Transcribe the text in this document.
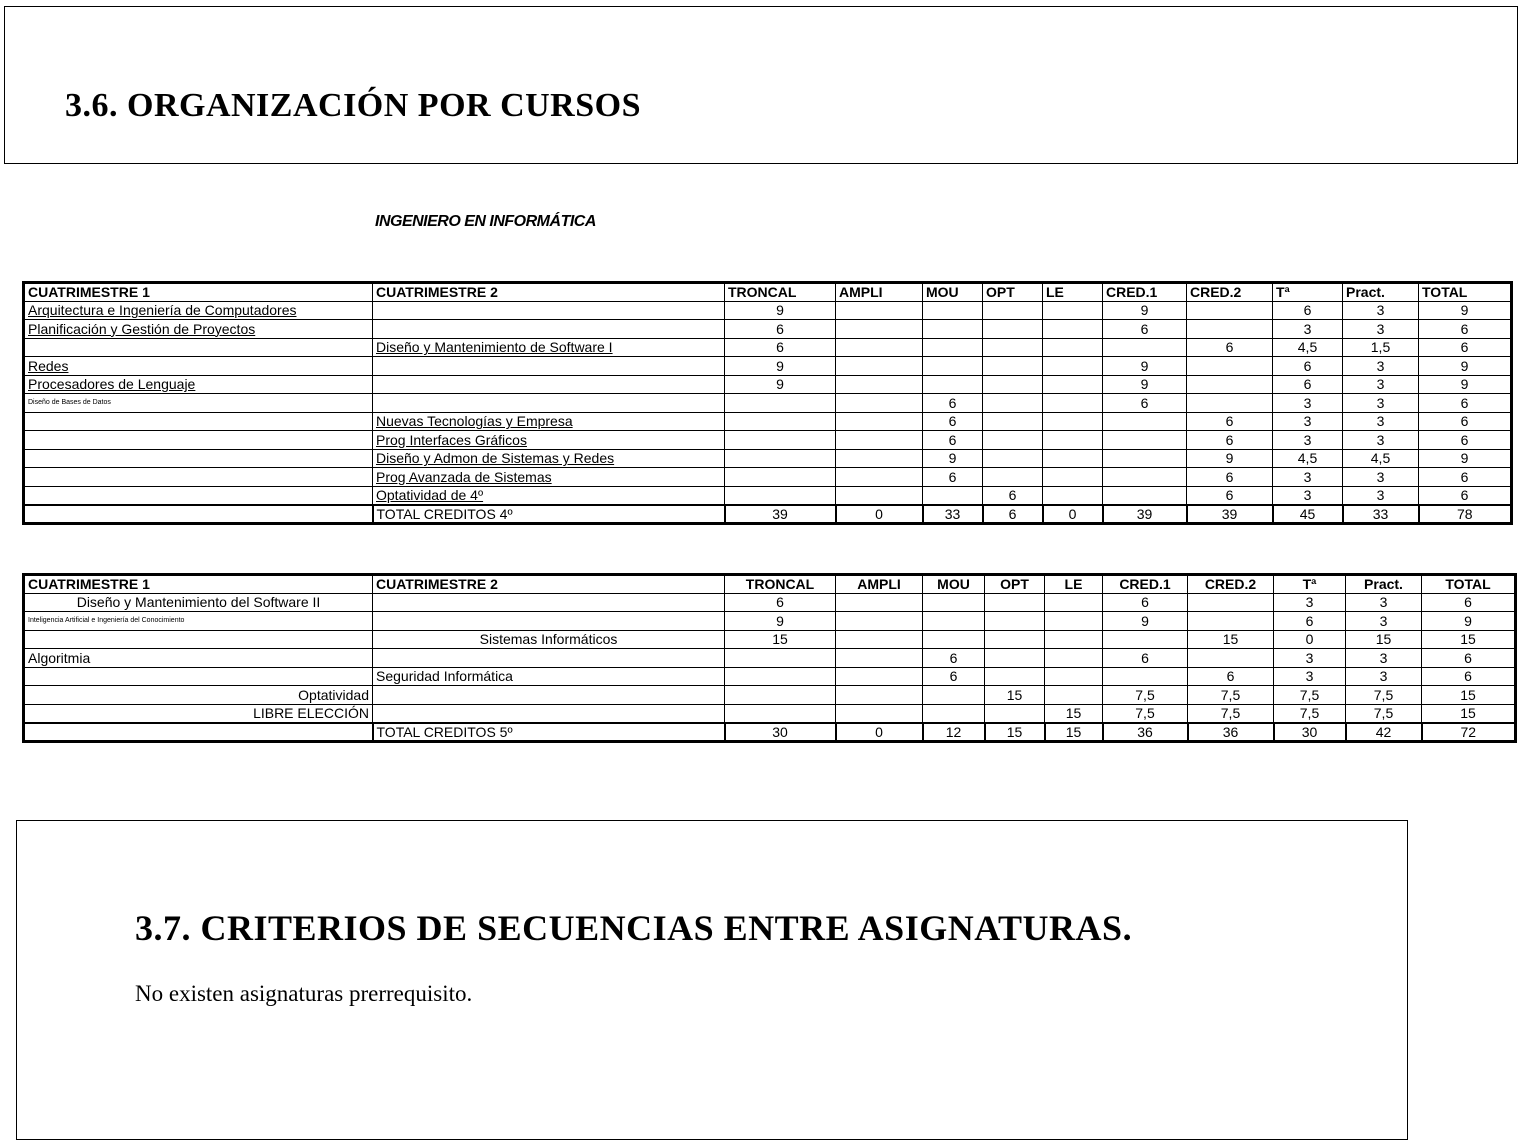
3.6. ORGANIZACIÓN POR CURSOS

INGENIERO EN INFORMÁTICA

CUATRIMESTRE 1	CUATRIMESTRE 2	TRONCAL	AMPLI	MOU	OPT	LE	CRED.1	CRED.2	Tª	Pract.	TOTAL
Arquitectura e Ingeniería de Computadores		9					9		6	3	9
Planificación y Gestión de Proyectos		6					6		3	3	6
	Diseño y Mantenimiento de Software I	6						6	4,5	1,5	6
Redes		9					9		6	3	9
Procesadores de Lenguaje		9					9		6	3	9
Diseño de Bases de Datos				6			6		3	3	6
	Nuevas Tecnologías y Empresa			6				6	3	3	6
	Prog Interfaces Gráficos			6				6	3	3	6
	Diseño y Admon de Sistemas y Redes			9				9	4,5	4,5	9
	Prog Avanzada de Sistemas			6				6	3	3	6
	Optatividad de 4º				6			6	3	3	6
	TOTAL CREDITOS 4º	39	0	33	6	0	39	39	45	33	78
CUATRIMESTRE 1	CUATRIMESTRE 2	TRONCAL	AMPLI	MOU	OPT	LE	CRED.1	CRED.2	Tª	Pract.	TOTAL
Diseño y Mantenimiento del Software II		6					6		3	3	6
Inteligencia Artificial e Ingeniería del Conocimiento		9					9		6	3	9
	Sistemas Informáticos	15						15	0	15	15
Algoritmia				6			6		3	3	6
	Seguridad Informática			6				6	3	3	6
Optatividad					15		7,5	7,5	7,5	7,5	15
LIBRE ELECCIÓN						15	7,5	7,5	7,5	7,5	15
	TOTAL CREDITOS 5º	30	0	12	15	15	36	36	30	42	72
3.7. CRITERIOS DE SECUENCIAS ENTRE ASIGNATURAS.

No existen asignaturas prerrequisito.
